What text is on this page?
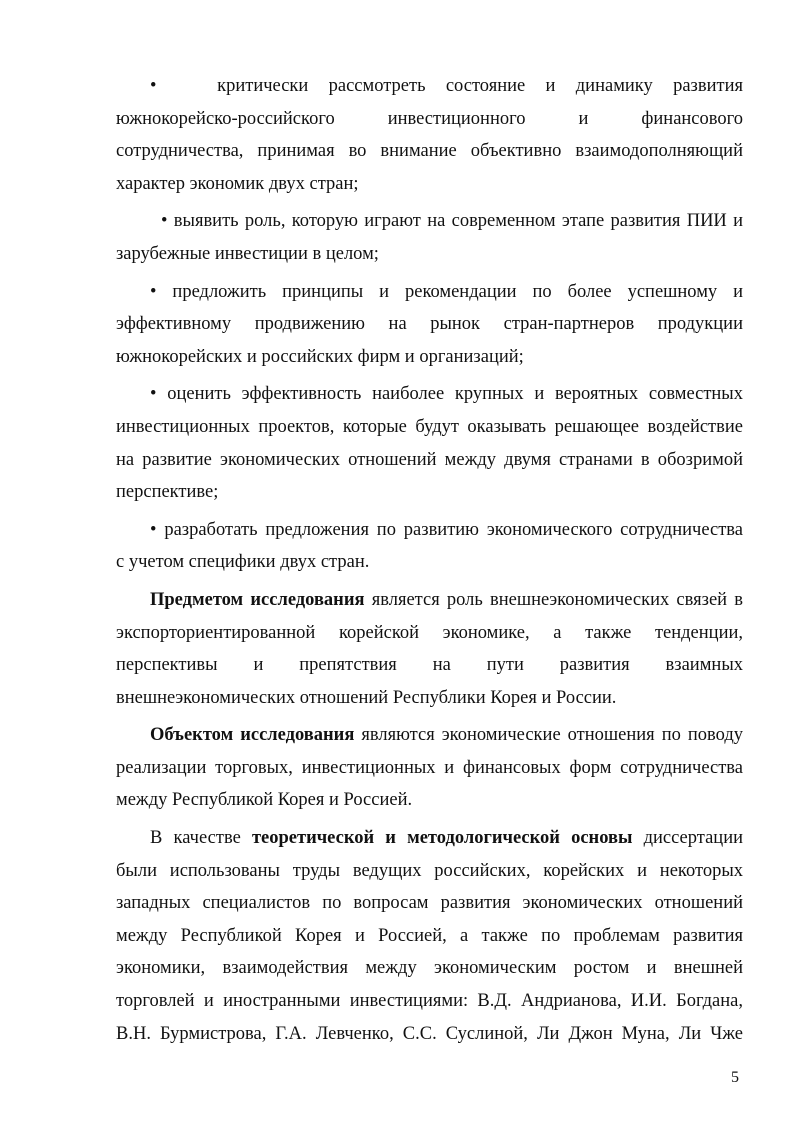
•	критически рассмотреть состояние и динамику развития
южнокорейско-российского инвестиционного и финансового
сотрудничества, принимая во внимание объективно взаимодополняющий
характер экономик двух стран;
• выявить роль, которую играют на современном этапе развития ПИИ и
зарубежные инвестиции в целом;
• предложить принципы и рекомендации по более успешному и
эффективному продвижению на рынок стран-партнеров продукции
южнокорейских и российских фирм и организаций;
• оценить эффективность наиболее крупных и вероятных совместных
инвестиционных проектов, которые будут оказывать решающее воздействие
на развитие экономических отношений между двумя странами в обозримой
перспективе;
• разработать предложения по развитию экономического сотрудничества
с учетом специфики двух стран.
Предметом исследования является роль внешнеэкономических связей в
экспорториентированной корейской экономике, а также тенденции,
перспективы и препятствия на пути развития взаимных
внешнеэкономических отношений Республики Корея и России.
Объектом исследования являются экономические отношения по поводу
реализации торговых, инвестиционных и финансовых форм сотрудничества
между Республикой Корея и Россией.
В качестве теоретической и методологической основы диссертации
были использованы труды ведущих российских, корейских и некоторых
западных специалистов по вопросам развития экономических отношений
между Республикой Корея и Россией, а также по проблемам развития
экономики, взаимодействия между экономическим ростом и внешней
торговлей и иностранными инвестициями: В.Д. Андрианова, И.И. Богдана,
В.Н. Бурмистрова, Г.А. Левченко, С.С. Суслиной, Ли Джон Муна, Ли Чже
5
